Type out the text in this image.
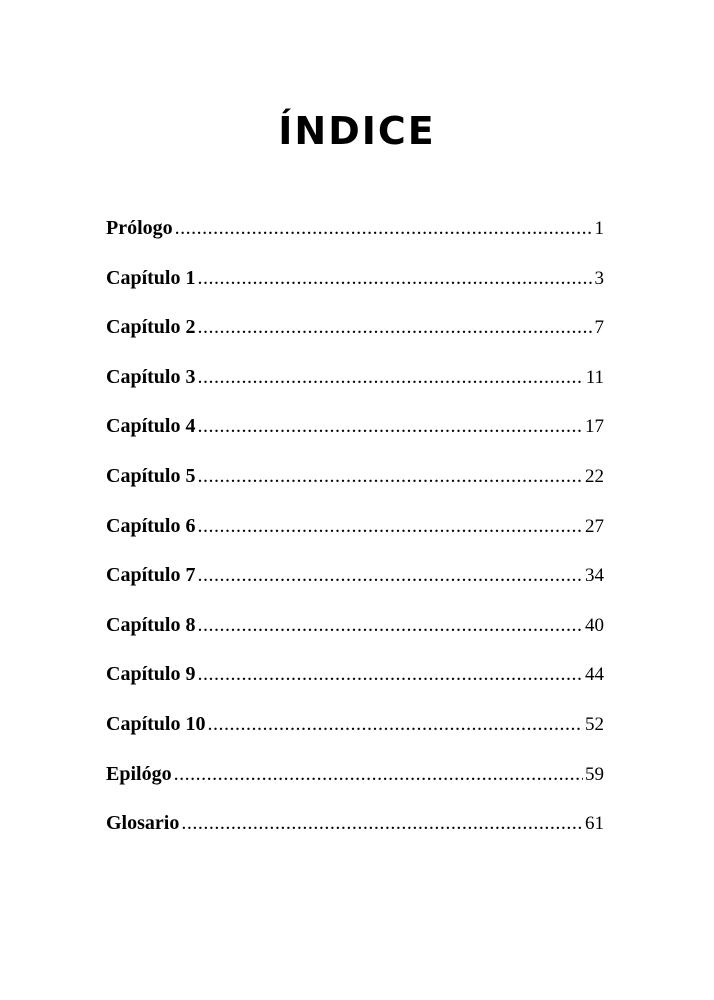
ÍNDICE
Prólogo .....	1
Capítulo 1 .....	3
Capítulo 2 .....	7
Capítulo 3 .....	11
Capítulo 4 .....	17
Capítulo 5 .....	22
Capítulo 6 .....	27
Capítulo 7 .....	34
Capítulo 8 .....	40
Capítulo 9 .....	44
Capítulo 10 .....	52
Epilógo .....	59
Glosario .....	61
